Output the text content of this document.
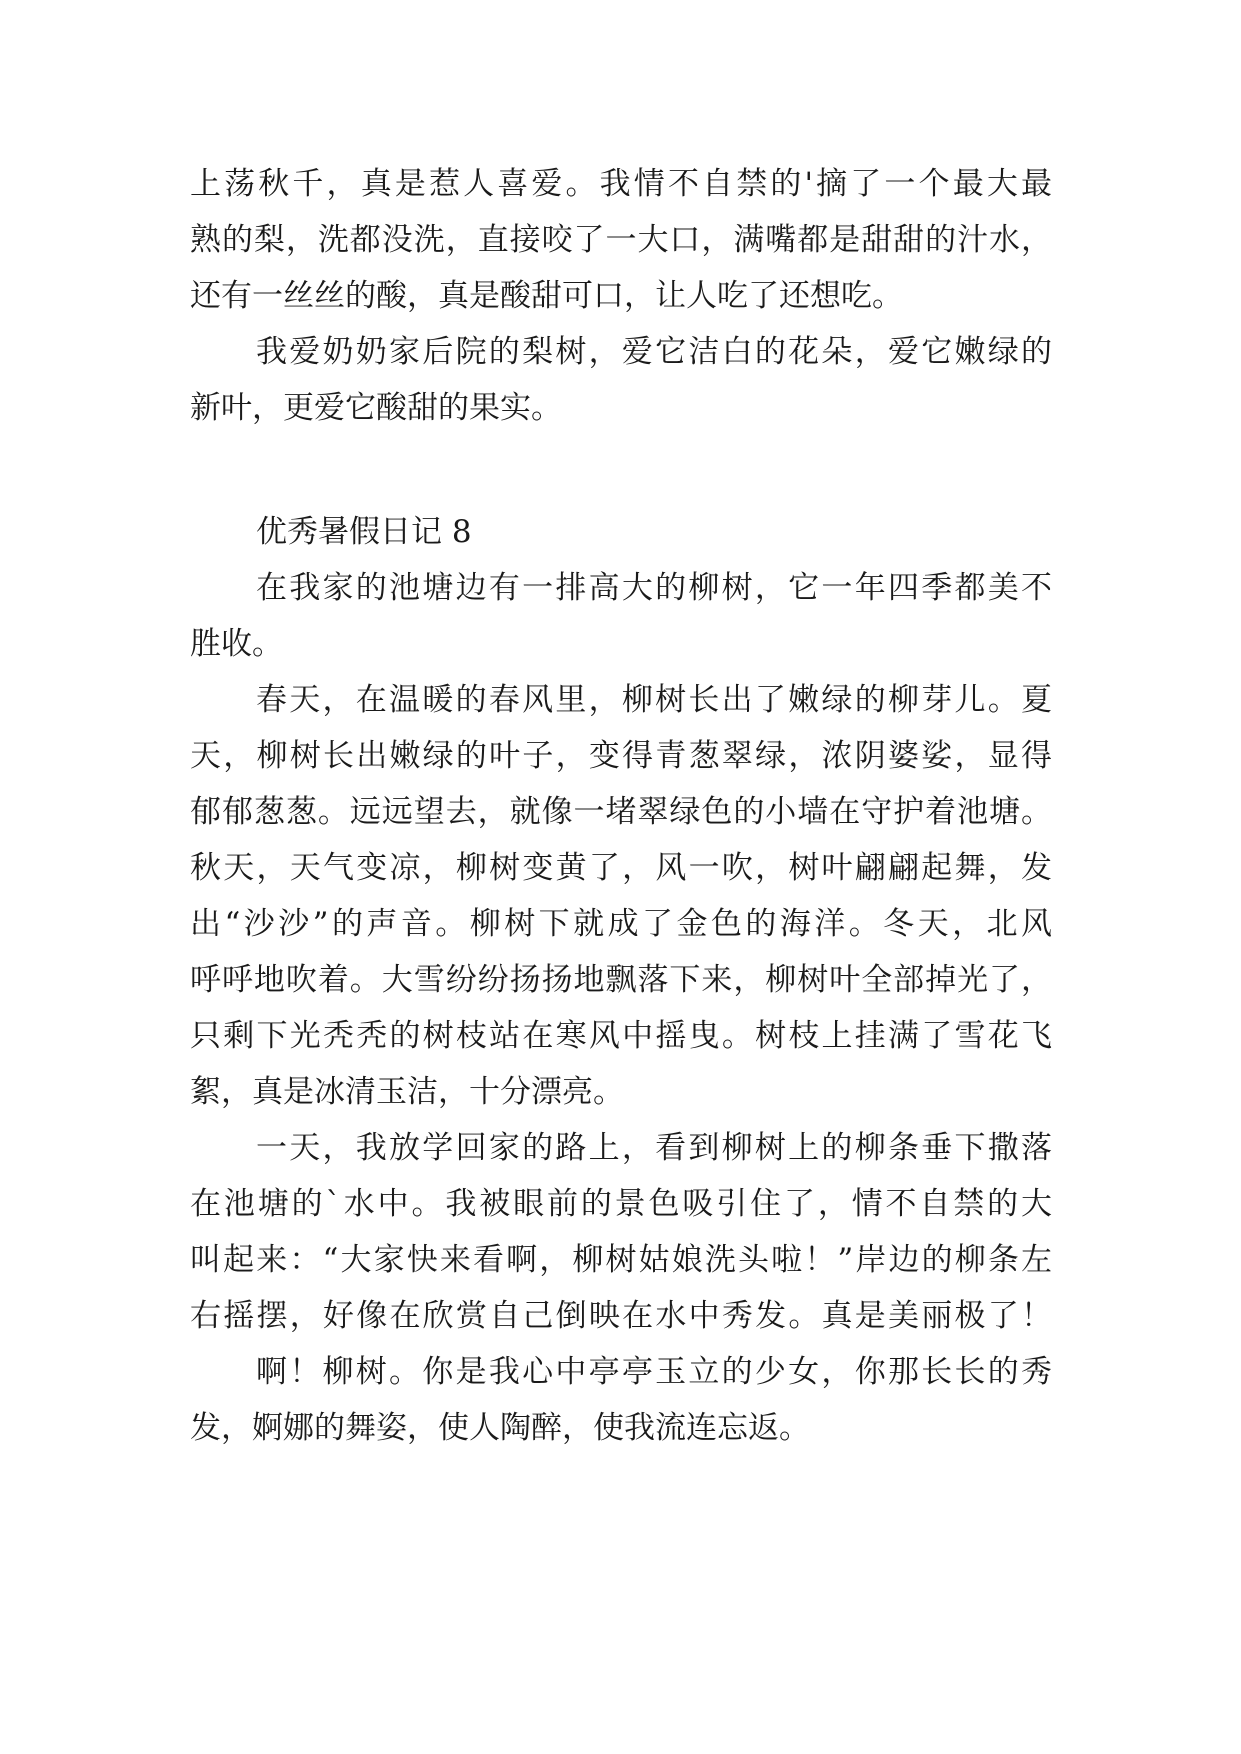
上荡秋千，真是惹人喜爱。我情不自禁的'摘了一个最大最
熟的梨，洗都没洗，直接咬了一大口，满嘴都是甜甜的汁水，
还有一丝丝的酸，真是酸甜可口，让人吃了还想吃。
我爱奶奶家后院的梨树，爱它洁白的花朵，爱它嫩绿的
新叶，更爱它酸甜的果实。
优秀暑假日记 8
在我家的池塘边有一排高大的柳树，它一年四季都美不
胜收。
春天，在温暖的春风里，柳树长出了嫩绿的柳芽儿。夏
天，柳树长出嫩绿的叶子，变得青葱翠绿，浓阴婆娑，显得
郁郁葱葱。远远望去，就像一堵翠绿色的小墙在守护着池塘。
秋天，天气变凉，柳树变黄了，风一吹，树叶翩翩起舞，发
出“沙沙”的声音。柳树下就成了金色的海洋。冬天，北风
呼呼地吹着。大雪纷纷扬扬地飘落下来，柳树叶全部掉光了，
只剩下光秃秃的树枝站在寒风中摇曳。树枝上挂满了雪花飞
絮，真是冰清玉洁，十分漂亮。
一天，我放学回家的路上，看到柳树上的柳条垂下撒落
在池塘的`水中。我被眼前的景色吸引住了，情不自禁的大
叫起来：“大家快来看啊，柳树姑娘洗头啦！”岸边的柳条左
右摇摆，好像在欣赏自己倒映在水中秀发。真是美丽极了！
啊！柳树。你是我心中亭亭玉立的少女，你那长长的秀
发，婀娜的舞姿，使人陶醉，使我流连忘返。
